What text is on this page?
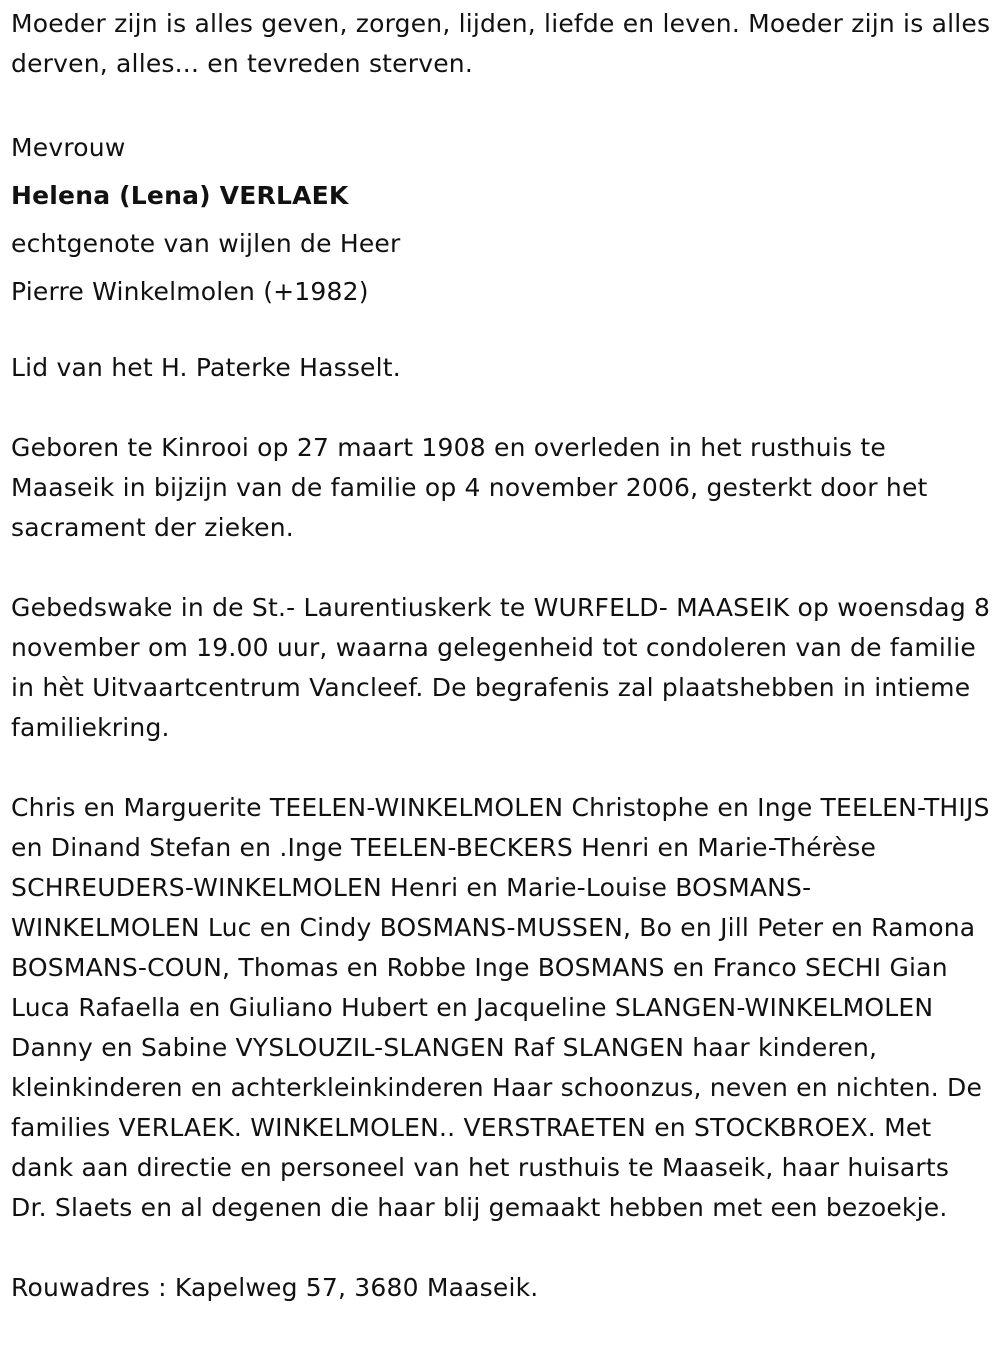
Moeder zijn is alles geven, zorgen, lijden, liefde en leven. Moeder zijn is alles derven, alles... en tevreden sterven.

Mevrouw
Helena (Lena) VERLAEK
echtgenote van wijlen de Heer
Pierre Winkelmolen (+1982)

Lid van het H. Paterke Hasselt.

Geboren te Kinrooi op 27 maart 1908 en overleden in het rusthuis te Maaseik in bijzijn van de familie op 4 november 2006, gesterkt door het sacrament der zieken.

Gebedswake in de St.- Laurentiuskerk te WURFELD- MAASEIK op woensdag 8 november om 19.00 uur, waarna gelegenheid tot condoleren van de familie in hèt Uitvaartcentrum Vancleef. De begrafenis zal plaatshebben in intieme familiekring.

Chris en Marguerite TEELEN-WINKELMOLEN Christophe en Inge TEELEN-THIJS en Dinand Stefan en .Inge TEELEN-BECKERS Henri en Marie-Thérèse SCHREUDERS-WINKELMOLEN Henri en Marie-Louise BOSMANS-WINKELMOLEN Luc en Cindy BOSMANS-MUSSEN, Bo en Jill Peter en Ramona BOSMANS-COUN, Thomas en Robbe Inge BOSMANS en Franco SECHI Gian Luca Rafaella en Giuliano Hubert en Jacqueline SLANGEN-WINKELMOLEN Danny en Sabine VYSLOUZIL-SLANGEN Raf SLANGEN haar kinderen, kleinkinderen en achterkleinkinderen Haar schoonzus, neven en nichten. De families VERLAEK. WINKELMOLEN.. VERSTRAETEN en STOCKBROEX. Met dank aan directie en personeel van het rusthuis te Maaseik, haar huisarts Dr. Slaets en al degenen die haar blij gemaakt hebben met een bezoekje.

Rouwadres : Kapelweg 57, 3680 Maaseik.
